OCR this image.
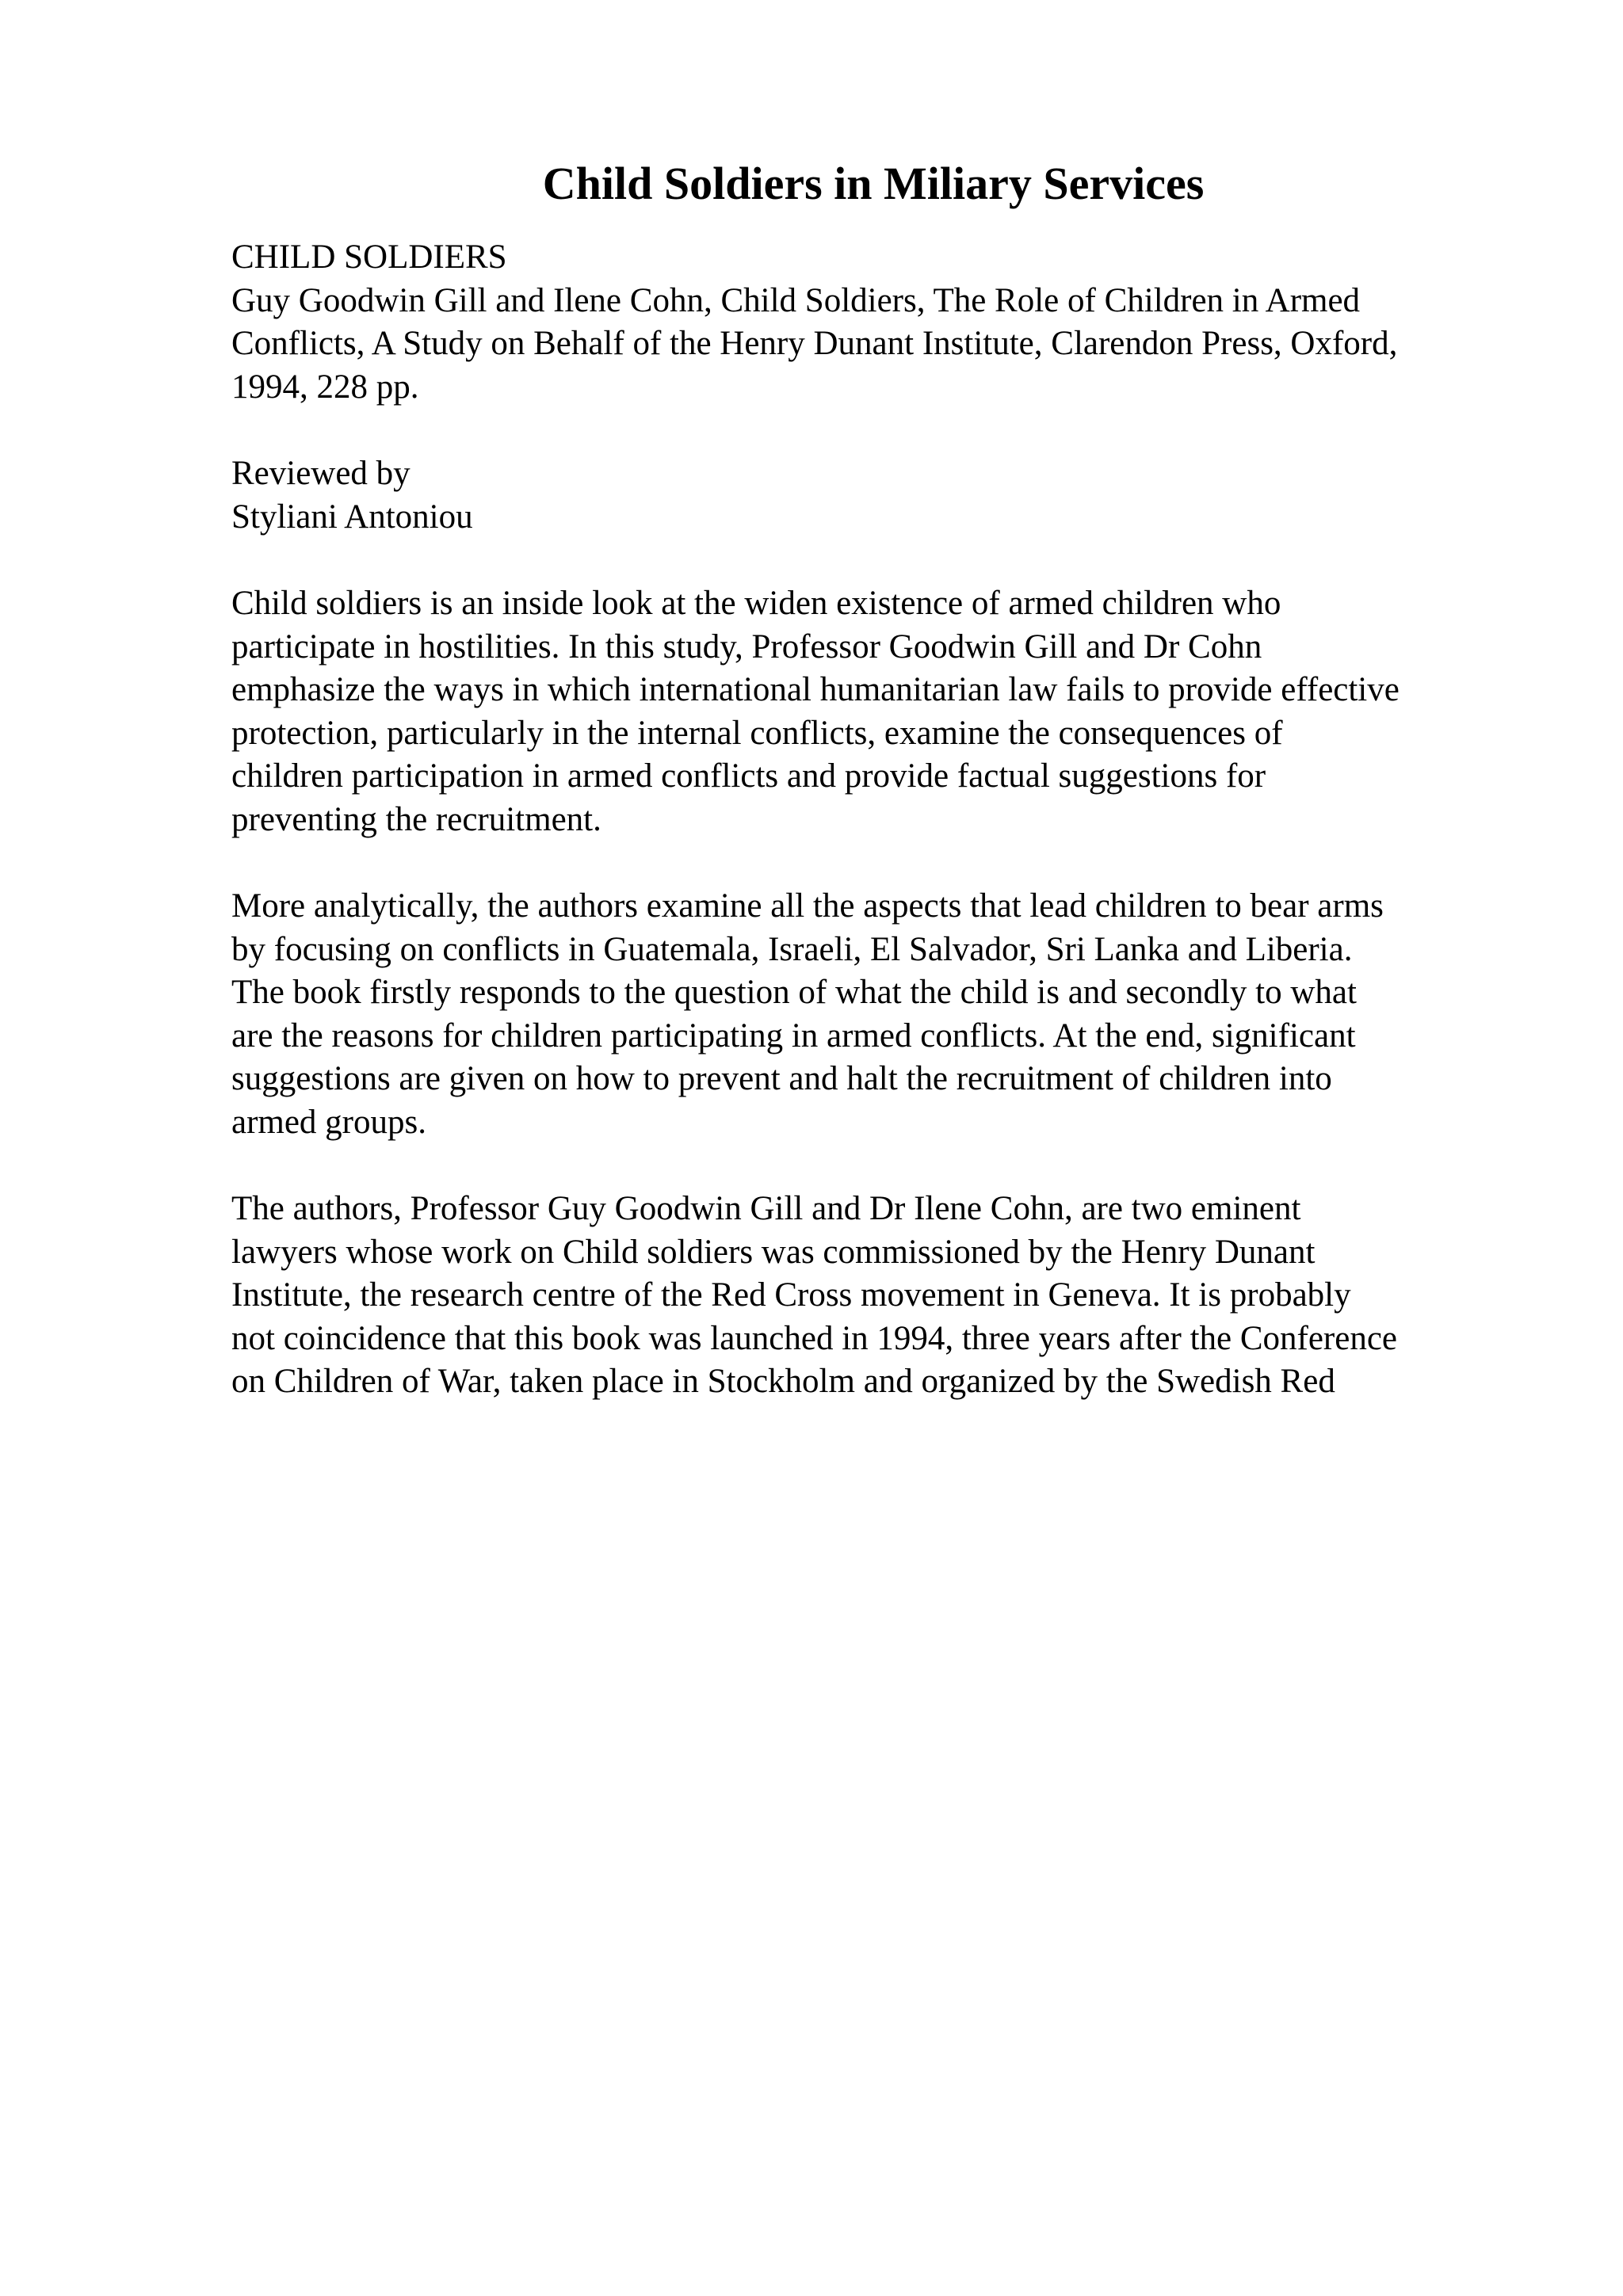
Child Soldiers in Miliary Services

CHILD SOLDIERS

Guy Goodwin Gill and Ilene Cohn, Child Soldiers, The Role of Children in Armed

Conflicts, A Study on Behalf of the Henry Dunant Institute, Clarendon Press, Oxford,

1994, 228 pp.

Reviewed by

Styliani Antoniou

Child soldiers is an inside look at the widen existence of armed children who

participate in hostilities. In this study, Professor Goodwin Gill and Dr Cohn

emphasize the ways in which international humanitarian law fails to provide effective

protection, particularly in the internal conflicts, examine the consequences of

children participation in armed conflicts and provide factual suggestions for

preventing the recruitment.

More analytically, the authors examine all the aspects that lead children to bear arms

by focusing on conflicts in Guatemala, Israeli, El Salvador, Sri Lanka and Liberia.

The book firstly responds to the question of what the child is and secondly to what

are the reasons for children participating in armed conflicts. At the end, significant

suggestions are given on how to prevent and halt the recruitment of children into

armed groups.

The authors, Professor Guy Goodwin Gill and Dr Ilene Cohn, are two eminent

lawyers whose work on Child soldiers was commissioned by the Henry Dunant

Institute, the research centre of the Red Cross movement in Geneva. It is probably

not coincidence that this book was launched in 1994, three years after the Conference

on Children of War, taken place in Stockholm and organized by the Swedish Red
